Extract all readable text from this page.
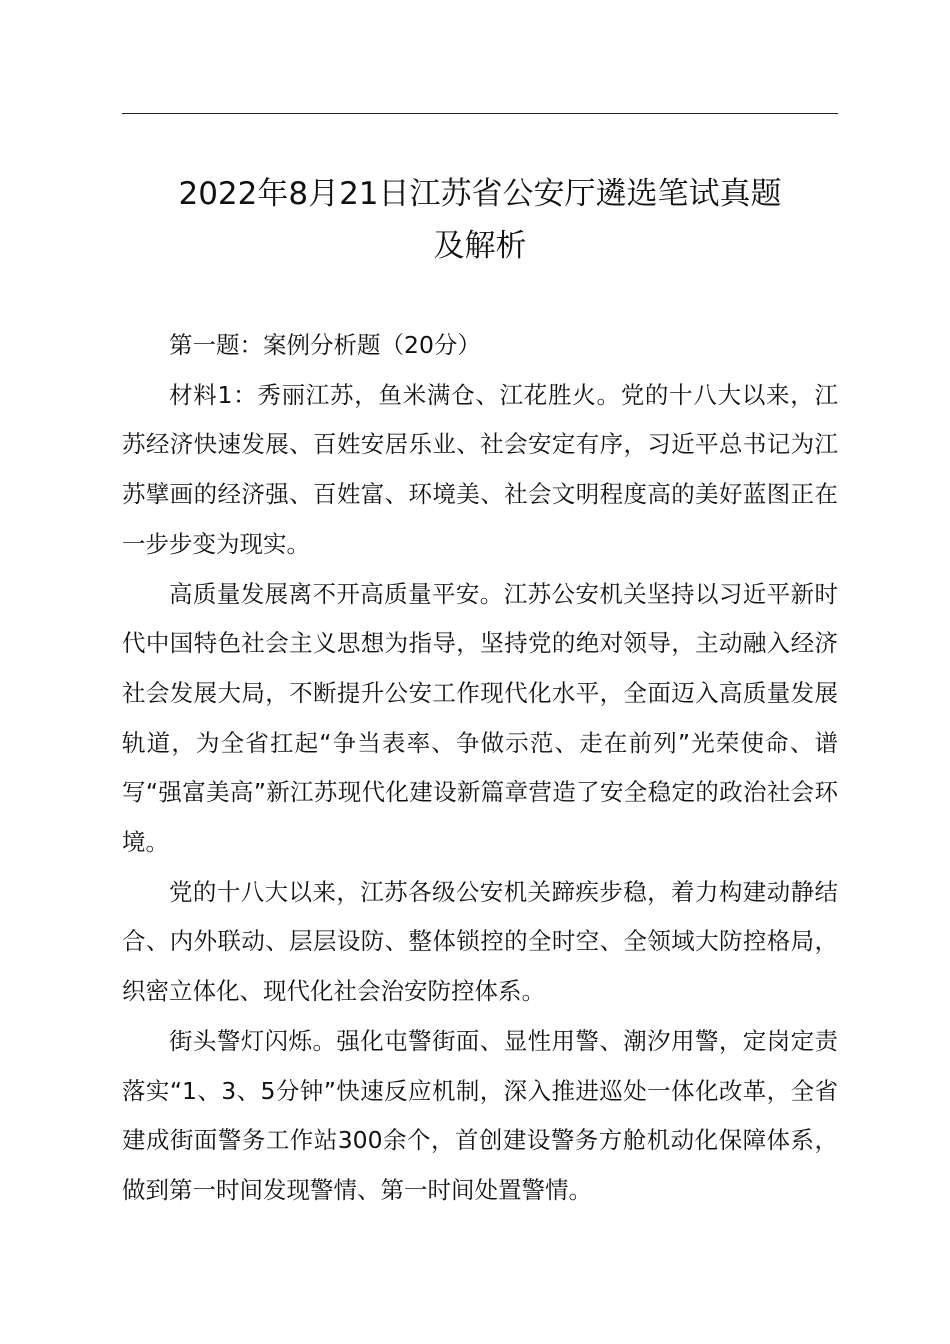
2022年8月21日江苏省公安厅遴选笔试真题
及解析

第一题：案例分析题（20分）

材料1：秀丽江苏，鱼米满仓、江花胜火。党的十八大以来，江苏经济快速发展、百姓安居乐业、社会安定有序，习近平总书记为江苏擘画的经济强、百姓富、环境美、社会文明程度高的美好蓝图正在一步步变为现实。

高质量发展离不开高质量平安。江苏公安机关坚持以习近平新时代中国特色社会主义思想为指导，坚持党的绝对领导，主动融入经济社会发展大局，不断提升公安工作现代化水平，全面迈入高质量发展轨道，为全省扛起“争当表率、争做示范、走在前列”光荣使命、谱写“强富美高”新江苏现代化建设新篇章营造了安全稳定的政治社会环境。

党的十八大以来，江苏各级公安机关蹄疾步稳，着力构建动静结合、内外联动、层层设防、整体锁控的全时空、全领域大防控格局，织密立体化、现代化社会治安防控体系。

街头警灯闪烁。强化屯警街面、显性用警、潮汐用警，定岗定责落实“1、3、5分钟”快速反应机制，深入推进巡处一体化改革，全省建成街面警务工作站300余个，首创建设警务方舱机动化保障体系，做到第一时间发现警情、第一时间处置警情。
